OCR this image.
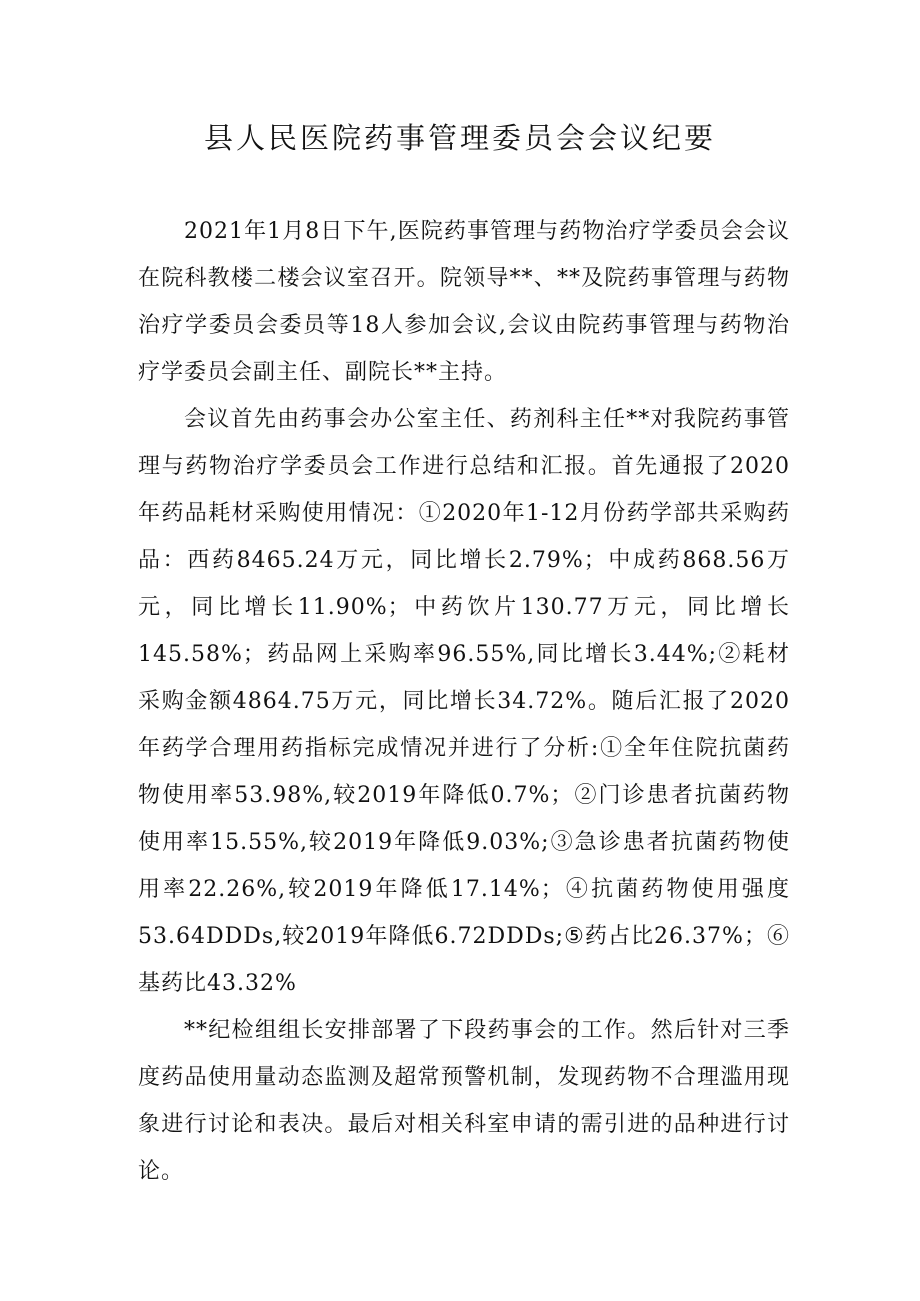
县人民医院药事管理委员会会议纪要

2021年1月8日下午,医院药事管理与药物治疗学委员会会议在院科教楼二楼会议室召开。院领导**、**及院药事管理与药物治疗学委员会委员等18人参加会议,会议由院药事管理与药物治疗学委员会副主任、副院长**主持。

会议首先由药事会办公室主任、药剂科主任**对我院药事管理与药物治疗学委员会工作进行总结和汇报。首先通报了2020年药品耗材采购使用情况：①2020年1-12月份药学部共采购药品：西药8465.24万元，同比增长2.79%；中成药868.56万元，同比增长11.90%；中药饮片130.77万元，同比增长145.58%；药品网上采购率96.55%,同比增长3.44%;②耗材采购金额4864.75万元，同比增长34.72%。随后汇报了2020年药学合理用药指标完成情况并进行了分析:①全年住院抗菌药物使用率53.98%,较2019年降低0.7%；②门诊患者抗菌药物使用率15.55%,较2019年降低9.03%;③急诊患者抗菌药物使用率22.26%,较2019年降低17.14%；④抗菌药物使用强度53.64DDDs,较2019年降低6.72DDDs;⑤药占比26.37%；⑥基药比43.32%

**纪检组组长安排部署了下段药事会的工作。然后针对三季度药品使用量动态监测及超常预警机制，发现药物不合理滥用现象进行讨论和表决。最后对相关科室申请的需引进的品种进行讨论。
